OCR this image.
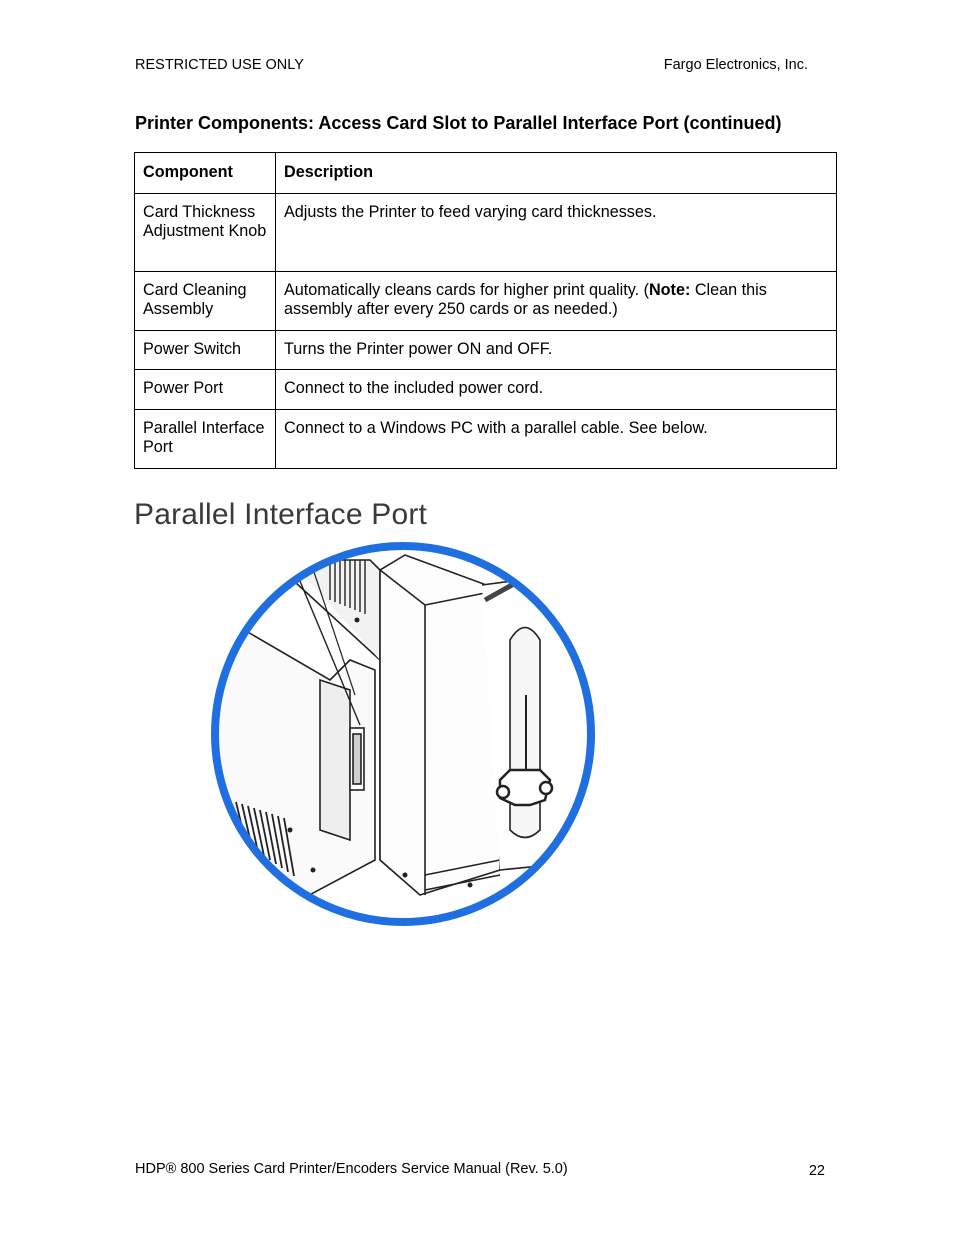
RESTRICTED USE ONLY	Fargo Electronics, Inc.
Printer Components: Access Card Slot to Parallel Interface Port (continued)
Component	Description
Card Thickness Adjustment Knob	Adjusts the Printer to feed varying card thicknesses.
Card Cleaning Assembly	Automatically cleans cards for higher print quality. (Note: Clean this assembly after every 250 cards or as needed.)
Power Switch	Turns the Printer power ON and OFF.
Power Port	Connect to the included power cord.
Parallel Interface Port	Connect to a Windows PC with a parallel cable. See below.
Parallel Interface Port
HDP® 800 Series Card Printer/Encoders Service Manual (Rev. 5.0)	22
